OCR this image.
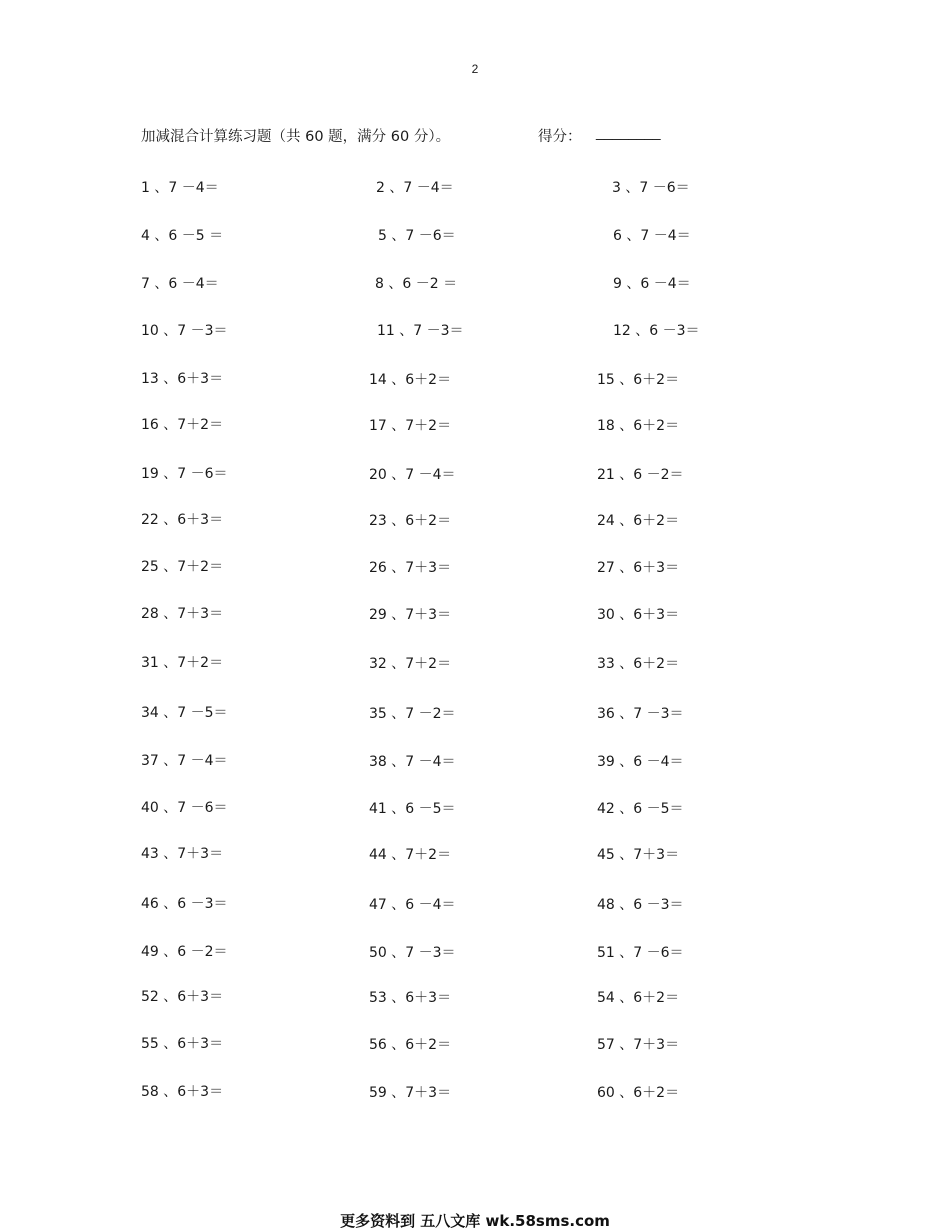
2
加减混合计算练习题（共 60 题，满分 60 分）。	得分： ________
1 、7 －4＝	2 、7 －4＝	3 、7 －6＝
4 、6 －5 ＝	5 、7 －6＝	6 、7 －4＝
7 、6 －4＝	8 、6 －2 ＝	9 、6 －4＝
10 、7 －3＝	11 、7 －3＝	12 、6 －3＝
13 、6＋3＝	14 、6＋2＝	15 、6＋2＝
16 、7＋2＝	17 、7＋2＝	18 、6＋2＝
19 、7 －6＝	20 、7 －4＝	21 、6 －2＝
22 、6＋3＝	23 、6＋2＝	24 、6＋2＝
25 、7＋2＝	26 、7＋3＝	27 、6＋3＝
28 、7＋3＝	29 、7＋3＝	30 、6＋3＝
31 、7＋2＝	32 、7＋2＝	33 、6＋2＝
34 、7 －5＝	35 、7 －2＝	36 、7 －3＝
37 、7 －4＝	38 、7 －4＝	39 、6 －4＝
40 、7 －6＝	41 、6 －5＝	42 、6 －5＝
43 、7＋3＝	44 、7＋2＝	45 、7＋3＝
46 、6 －3＝	47 、6 －4＝	48 、6 －3＝
49 、6 －2＝	50 、7 －3＝	51 、7 －6＝
52 、6＋3＝	53 、6＋3＝	54 、6＋2＝
55 、6＋3＝	56 、6＋2＝	57 、7＋3＝
58 、6＋3＝	59 、7＋3＝	60 、6＋2＝
更多资料到 五八文库 wk.58sms.com
